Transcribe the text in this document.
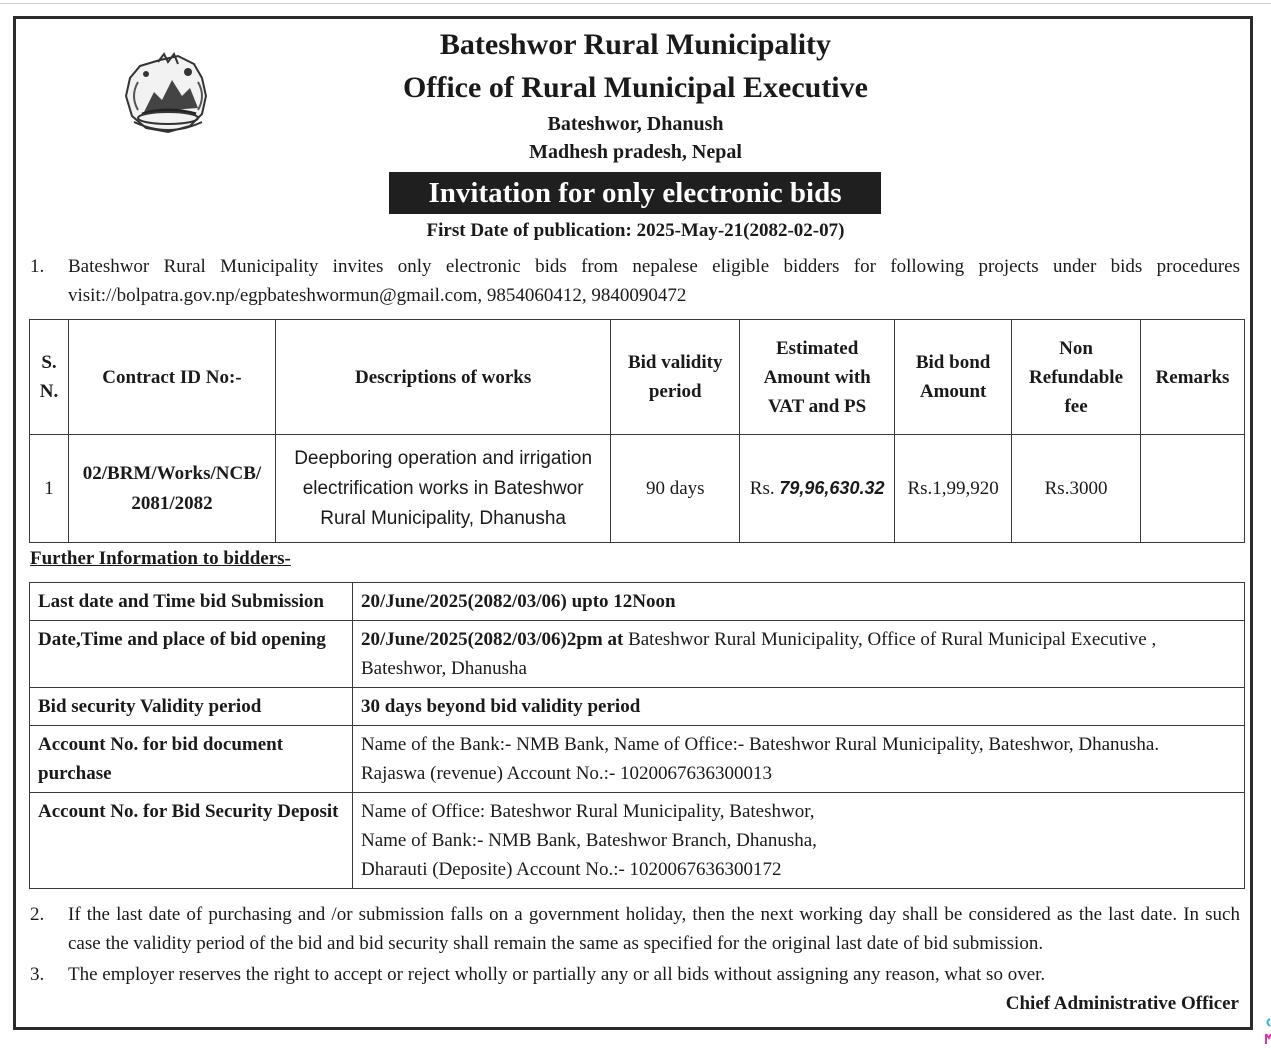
Bateshwor Rural Municipality
Office of Rural Municipal Executive
Bateshwor, Dhanush
Madhesh pradesh, Nepal
Invitation for only electronic bids
First Date of publication: 2025-May-21(2082-02-07)
1. Bateshwor Rural Municipality invites only electronic bids from nepalese eligible bidders for following projects under bids procedures visit://bolpatra.gov.np/egpbateshwormun@gmail.com, 9854060412, 9840090472
S. N.	Contract ID No:-	Descriptions of works	Bid validity period	Estimated Amount with VAT and PS	Bid bond Amount	Non Refundable fee	Remarks
1	02/BRM/Works/NCB/ 2081/2082	Deepboring operation and irrigation electrification works in Bateshwor Rural Municipality, Dhanusha	90 days	Rs. 79,96,630.32	Rs.1,99,920	Rs.3000	
Further Information to bidders-
Last date and Time bid Submission	20/June/2025(2082/03/06) upto 12Noon
Date,Time and place of bid opening	20/June/2025(2082/03/06)2pm at Bateshwor Rural Municipality, Office of Rural Municipal Executive , Bateshwor, Dhanusha
Bid security Validity period	30 days beyond bid validity period
Account No. for bid document purchase	Name of the Bank:- NMB Bank, Name of Office:- Bateshwor Rural Municipality, Bateshwor, Dhanusha.
Rajaswa (revenue) Account No.:- 1020067636300013

Account No. for Bid Security Deposit	Name of Office: Bateshwor Rural Municipality, Bateshwor,
Name of Bank:- NMB Bank, Bateshwor Branch, Dhanusha,
Dharauti (Deposite) Account No.:- 1020067636300172
2. If the last date of purchasing and /or submission falls on a government holiday, then the next working day shall be considered as the last date. In such case the validity period of the bid and bid security shall remain the same as specified for the original last date of bid submission.
3. The employer reserves the right to accept or reject wholly or partially any or all bids without assigning any reason, what so over.
Chief Administrative Officer
